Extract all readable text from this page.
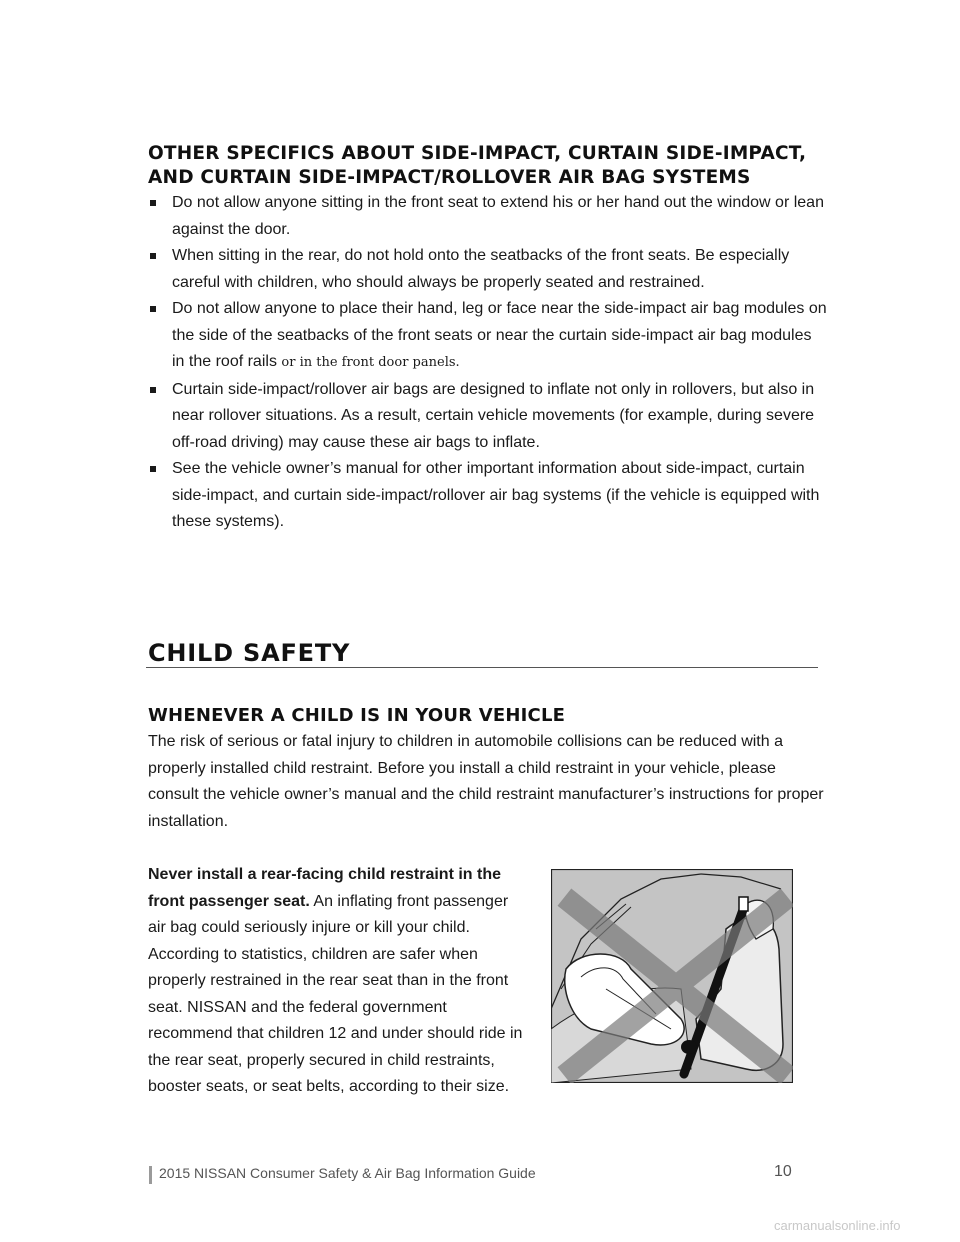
OTHER SPECIFICS ABOUT SIDE-IMPACT, CURTAIN SIDE-IMPACT,
AND CURTAIN SIDE-IMPACT/ROLLOVER AIR BAG SYSTEMS
Do not allow anyone sitting in the front seat to extend his or her hand out the window or lean against the door.
When sitting in the rear, do not hold onto the seatbacks of the front seats. Be especially careful with children, who should always be properly seated and restrained.
Do not allow anyone to place their hand, leg or face near the side-impact air bag modules on the side of the seatbacks of the front seats or near the curtain side-impact air bag modules in the roof rails or in the front door panels.
Curtain side-impact/rollover air bags are designed to inflate not only in rollovers, but also in near rollover situations. As a result, certain vehicle movements (for example, during severe off-road driving) may cause these air bags to inflate.
See the vehicle owner’s manual for other important information about side-impact, curtain side-impact, and curtain side-impact/rollover air bag systems (if the vehicle is equipped with these systems).
CHILD SAFETY
WHENEVER A CHILD IS IN YOUR VEHICLE

The risk of serious or fatal injury to children in automobile collisions can be reduced with a properly installed child restraint. Before you install a child restraint in your vehicle, please consult the vehicle owner’s manual and the child restraint manufacturer’s instructions for proper installation.

Never install a rear-facing child restraint in the front passenger seat. An inflating front passenger air bag could seriously injure or kill your child. According to statistics, children are safer when properly restrained in the rear seat than in the front seat. NISSAN and the federal government recommend that children 12 and under should ride in the rear seat, properly secured in child restraints, booster seats, or seat belts, according to their size.

2015 NISSAN Consumer Safety & Air Bag Information Guide	10
carmanualsonline.info
